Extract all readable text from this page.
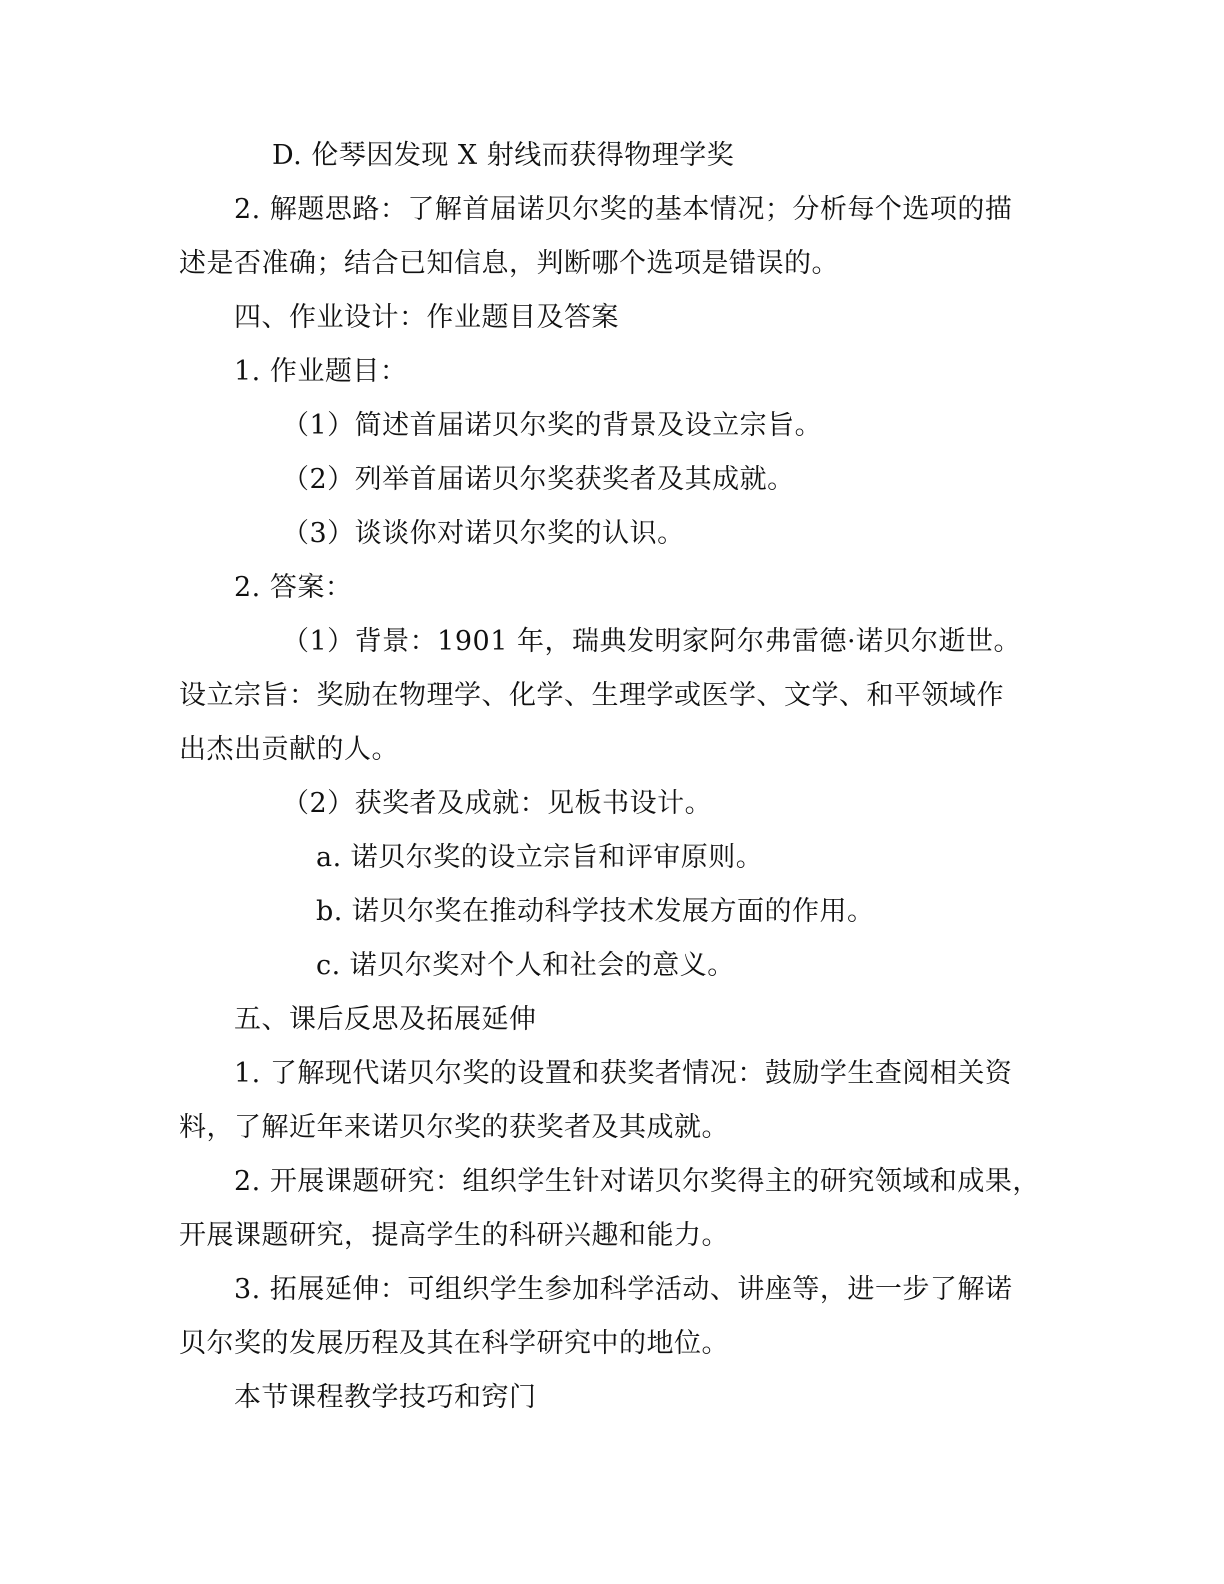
D. 伦琴因发现 X 射线而获得物理学奖
2. 解题思路：了解首届诺贝尔奖的基本情况；分析每个选项的描
述是否准确；结合已知信息，判断哪个选项是错误的。
四、作业设计：作业题目及答案
1. 作业题目：
（1）简述首届诺贝尔奖的背景及设立宗旨。
（2）列举首届诺贝尔奖获奖者及其成就。
（3）谈谈你对诺贝尔奖的认识。
2. 答案：
（1）背景：1901 年，瑞典发明家阿尔弗雷德·诺贝尔逝世。
设立宗旨：奖励在物理学、化学、生理学或医学、文学、和平领域作
出杰出贡献的人。
（2）获奖者及成就：见板书设计。
a. 诺贝尔奖的设立宗旨和评审原则。
b. 诺贝尔奖在推动科学技术发展方面的作用。
c. 诺贝尔奖对个人和社会的意义。
五、课后反思及拓展延伸
1. 了解现代诺贝尔奖的设置和获奖者情况：鼓励学生查阅相关资
料，了解近年来诺贝尔奖的获奖者及其成就。
2. 开展课题研究：组织学生针对诺贝尔奖得主的研究领域和成果，
开展课题研究，提高学生的科研兴趣和能力。
3. 拓展延伸：可组织学生参加科学活动、讲座等，进一步了解诺
贝尔奖的发展历程及其在科学研究中的地位。
本节课程教学技巧和窍门
